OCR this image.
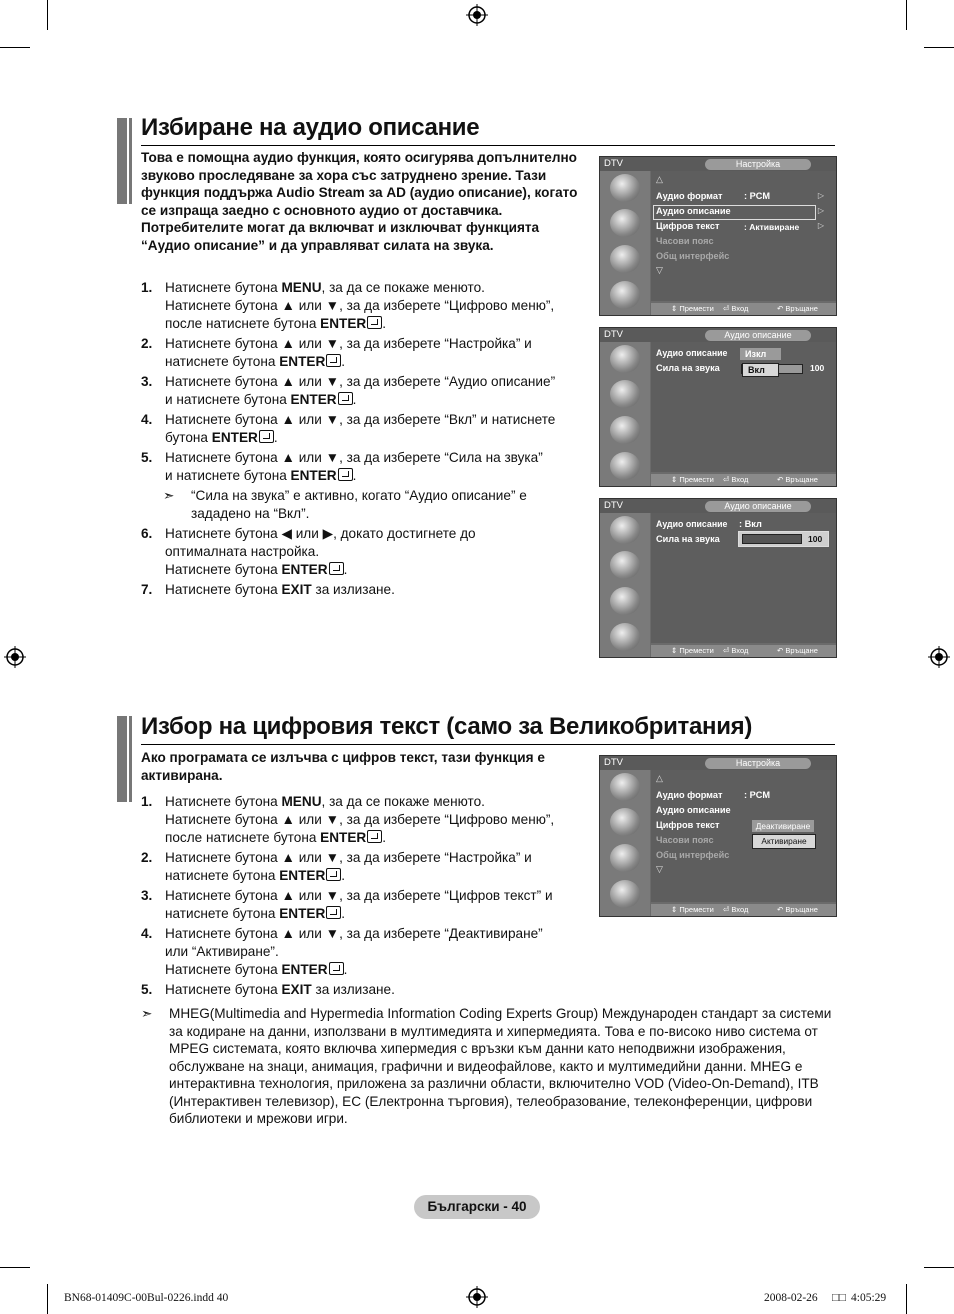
Избиране на аудио описание
Това е помощна аудио функция, която осигурява допълнително звуково проследяване за хора със затруднено зрение. Тази функция поддържа Audio Stream за AD (аудио описание), когато се изпраща заедно с основното аудио от доставчика. Потребителите могат да включват и изключват функцията “Аудио описание” и да управляват силата на звука.
1. Натиснете бутона MENU, за да се покаже менюто.
Натиснете бутона ▲ или ▼, за да изберете “Цифрово меню”,
после натиснете бутона ENTER .
2. Натиснете бутона ▲ или ▼, за да изберете “Настройка” и
натиснете бутона ENTER .
3. Натиснете бутона ▲ или ▼, за да изберете “Аудио описание”
и натиснете бутона ENTER .
4. Натиснете бутона ▲ или ▼, за да изберете “Вкл” и натиснете
бутона ENTER .
5. Натиснете бутона ▲ или ▼, за да изберете “Сила на звука”
и натиснете бутона ENTER .
➣ “Сила на звука” е активно, когато “Аудио описание” е
зададено на “Вкл”.
6. Натиснете бутона ◀ или ▶, докато достигнете до
оптималната настройка.
Натиснете бутона ENTER .
7. Натиснете бутона EXIT за излизане.
DTV	Настройка
△
Аудио формат : PCM	▷
Аудио описание	▷
Цифров текст	: Активиране ▷
Часови пояс
Общ интерфейс
▽
⇕ Премести ⏎ Вход	↶ Връщане
DTV	Аудио описание
Аудио описание
Сила на звука	100
Изкл
Вкл
⇕ Премести ⏎ Вход	↶ Връщане
DTV	Аудио описание
Аудио описание : Вкл
Сила на звука	100
⇕ Премести ⏎ Вход	↶ Връщане
Избор на цифровия текст (само за Великобритания)
Ако програмата се излъчва с цифров текст, тази функция е активирана.
1. Натиснете бутона MENU, за да се покаже менюто.
Натиснете бутона ▲ или ▼, за да изберете “Цифрово меню”,
после натиснете бутона ENTER .
2. Натиснете бутона ▲ или ▼, за да изберете “Настройка” и
натиснете бутона ENTER .
3. Натиснете бутона ▲ или ▼, за да изберете “Цифров текст” и
натиснете бутона ENTER .
4. Натиснете бутона ▲ или ▼, за да изберете “Деактивиране”
или “Активиране”.
Натиснете бутона ENTER .
5. Натиснете бутона EXIT за излизане.
➣ MHEG(Multimedia and Hypermedia Information Coding Experts Group) Международен стандарт за системи за кодиране на данни, използвани в мултимедията и хипермедията. Това е по-високо ниво система от MPEG системата, която включва хипермедия с връзки към данни като неподвижни изображения, обслужване на знаци, анимация, графични и видеофайлове, както и мултимедийни данни. MHEG е интерактивна технология, приложена за различни области, включително VOD (Video-On-Demand), ITB (Интерактивен телевизор), EC (Електронна търговия), телеобразование, телеконференции, цифрови библиотеки и мрежови игри.
DTV	Настройка
△
Аудио формат : PCM
Аудио описание
Цифров текст
Часови пояс
Общ интерфейс
▽
Деактивиране
Активиране
⇕ Премести ⏎ Вход	↶ Връщане
Български - 40
BN68-01409C-00Bul-0226.indd 40	2008-02-26 □□ 4:05:29
